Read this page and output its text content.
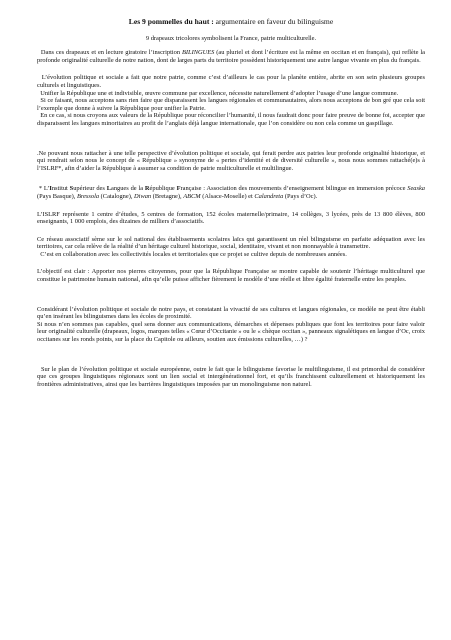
Les 9 pommelles du haut : argumentaire en faveur du bilinguisme

9 drapeaux tricolores symbolisent la France, patrie multiculturelle.

Dans ces drapeaux et en lecture giratoire l’inscription BILINGUES (au pluriel et dont l’écriture est la même en occitan et en français), qui reflète la profonde originalité culturelle de notre nation, dont de larges parts du territoire possèdent historiquement une autre langue vivante en plus du français.

L’évolution politique et sociale a fait que notre patrie, comme c’est d’ailleurs le cas pour la planète entière, abrite en son sein plusieurs groupes culturels et linguistiques.

Unifier la République une et indivisible, œuvre commune par excellence, nécessite naturellement d’adopter l’usage d’une langue commune.

Si ce faisant, nous acceptons sans rien faire que disparaissent les langues régionales et communautaires, alors nous acceptons de bon gré que cela soit l’exemple que donne à suivre la République pour unifier la Patrie.

En ce cas, si nous croyons aux valeurs de la République pour réconcilier l’humanité, il nous faudrait donc pour faire preuve de bonne foi, accepter que disparaissent les langues minoritaires au profit de l’anglais déjà langue internationale, que l’on considère ou non cela comme un gaspillage.

.Ne pouvant nous rattacher à une telle perspective d’évolution politique et sociale, qui ferait perdre aux patries leur profonde originalité historique, et qui rendrait selon nous le concept de « République » synonyme de « pertes d’identité et de diversité culturelle », nous nous sommes rattaché(e)s à l’ISLRF*, afin d’aider la République à assumer sa condition de patrie multiculturelle et multilingue.

* L’Institut Supérieur des Langues de la République Française : Association des mouvements d’enseignement bilingue en immersion précoce Seaska (Pays Basque), Bressola (Catalogne), Diwan (Bretagne), ABCM (Alsace-Moselle) et Calandreta (Pays d’Oc).

L’ISLRF représente 1 centre d’études, 5 centres de formation, 152 écoles maternelle/primaire, 14 collèges, 3 lycées, près de 13 800 élèves, 800 enseignants, 1 000 emplois, des dizaines de milliers d’associatifs.

Ce réseau associatif sème sur le sol national des établissements scolaires laïcs qui garantissent un réel bilinguisme en parfaite adéquation avec les territoires, car cela relève de la réalité d’un héritage culturel historique, social, identitaire, vivant et non monnayable à transmettre.

C’est en collaboration avec les collectivités locales et territoriales que ce projet se cultive depuis de nombreuses années.

L’objectif est clair : Apporter nos pierres citoyennes, pour que la République Française se montre capable de soutenir l’héritage multiculturel que constitue le patrimoine humain national, afin qu’elle puisse afficher fièrement le modèle d’une réelle et libre égalité fraternelle entre les peuples.

Considérant l’évolution politique et sociale de notre pays, et constatant la vivacité de ses cultures et langues régionales, ce modèle ne peut être établi qu’en insérant les bilinguismes dans les écoles de proximité.

Si nous n’en sommes pas capables, quel sens donner aux communications, démarches et dépenses publiques que font les territoires pour faire valoir leur originalité culturelle (drapeaux, logos, marques telles « Cœur d’Occitanie » ou le « chèque occitan », panneaux signalétiques en langue d’Oc, croix occitanes sur les ronds points, sur la place du Capitole ou ailleurs, soutien aux émissions culturelles, …) ?

Sur le plan de l’évolution politique et sociale européenne, outre le fait que le bilinguisme favorise le multilinguisme, il est primordial de considérer que ces groupes linguistiques régionaux sont un lien social et intergénérationnel fort, et qu’ils franchissent culturellement et historiquement les frontières administratives, ainsi que les barrières linguistiques imposées par un monolinguisme non naturel.
